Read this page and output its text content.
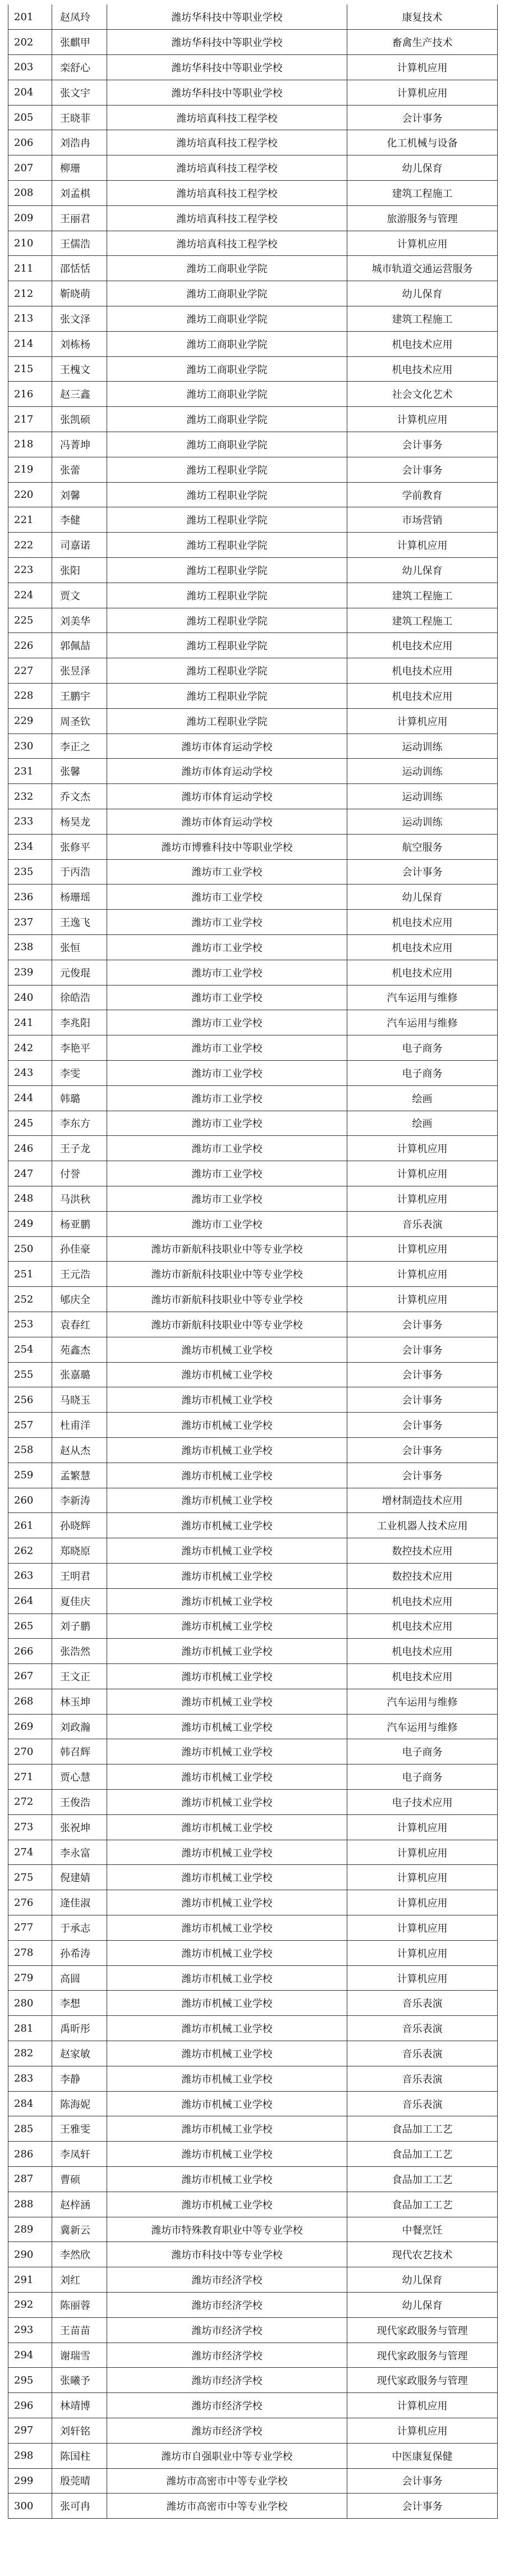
201	赵凤玲	潍坊华科技中等职业学校	康复技术
202	张麒甲	潍坊华科技中等职业学校	畜禽生产技术
203	栾舒心	潍坊华科技中等职业学校	计算机应用
204	张文宇	潍坊华科技中等职业学校	计算机应用
205	王晓菲	潍坊培真科技工程学校	会计事务
206	刘浩冉	潍坊培真科技工程学校	化工机械与设备
207	柳珊	潍坊培真科技工程学校	幼儿保育
208	刘孟棋	潍坊培真科技工程学校	建筑工程施工
209	王丽君	潍坊培真科技工程学校	旅游服务与管理
210	王儒浩	潍坊培真科技工程学校	计算机应用
211	邵恬恬	潍坊工商职业学院	城市轨道交通运营服务
212	靳晓萌	潍坊工商职业学院	幼儿保育
213	张文泽	潍坊工商职业学院	建筑工程施工
214	刘栋杨	潍坊工商职业学院	机电技术应用
215	王槐文	潍坊工商职业学院	机电技术应用
216	赵三鑫	潍坊工商职业学院	社会文化艺术
217	张凯硕	潍坊工商职业学院	计算机应用
218	冯菁坤	潍坊工商职业学院	会计事务
219	张蕾	潍坊工程职业学院	会计事务
220	刘馨	潍坊工程职业学院	学前教育
221	李健	潍坊工程职业学院	市场营销
222	司嘉诺	潍坊工程职业学院	计算机应用
223	张阳	潍坊工程职业学院	幼儿保育
224	贾文	潍坊工程职业学院	建筑工程施工
225	刘美华	潍坊工程职业学院	建筑工程施工
226	郭佩喆	潍坊工程职业学院	机电技术应用
227	张昱泽	潍坊工程职业学院	机电技术应用
228	王鹏宇	潍坊工程职业学院	机电技术应用
229	周圣钦	潍坊工程职业学院	计算机应用
230	李正之	潍坊市体育运动学校	运动训练
231	张馨	潍坊市体育运动学校	运动训练
232	乔文杰	潍坊市体育运动学校	运动训练
233	杨昊龙	潍坊市体育运动学校	运动训练
234	张修平	潍坊市博雅科技中等职业学校	航空服务
235	于丙浩	潍坊市工业学校	会计事务
236	杨珊瑶	潍坊市工业学校	幼儿保育
237	王逸飞	潍坊市工业学校	机电技术应用
238	张恒	潍坊市工业学校	机电技术应用
239	元俊琨	潍坊市工业学校	机电技术应用
240	徐皓浩	潍坊市工业学校	汽车运用与维修
241	李兆阳	潍坊市工业学校	汽车运用与维修
242	李艳平	潍坊市工业学校	电子商务
243	李雯	潍坊市工业学校	电子商务
244	韩璐	潍坊市工业学校	绘画
245	李东方	潍坊市工业学校	绘画
246	王子龙	潍坊市工业学校	计算机应用
247	付誉	潍坊市工业学校	计算机应用
248	马洪秋	潍坊市工业学校	计算机应用
249	杨亚鹏	潍坊市工业学校	音乐表演
250	孙佳豪	潍坊市新航科技职业中等专业学校	计算机应用
251	王元浩	潍坊市新航科技职业中等专业学校	计算机应用
252	郇庆全	潍坊市新航科技职业中等专业学校	计算机应用
253	袁春红	潍坊市新航科技职业中等专业学校	会计事务
254	苑鑫杰	潍坊市机械工业学校	会计事务
255	张嘉璐	潍坊市机械工业学校	会计事务
256	马晓玉	潍坊市机械工业学校	会计事务
257	杜甫洋	潍坊市机械工业学校	会计事务
258	赵从杰	潍坊市机械工业学校	会计事务
259	孟繁慧	潍坊市机械工业学校	会计事务
260	李新涛	潍坊市机械工业学校	增材制造技术应用
261	孙晓辉	潍坊市机械工业学校	工业机器人技术应用
262	郑晓原	潍坊市机械工业学校	数控技术应用
263	王明君	潍坊市机械工业学校	数控技术应用
264	夏佳庆	潍坊市机械工业学校	机电技术应用
265	刘子鹏	潍坊市机械工业学校	机电技术应用
266	张浩然	潍坊市机械工业学校	机电技术应用
267	王文正	潍坊市机械工业学校	机电技术应用
268	林玉坤	潍坊市机械工业学校	汽车运用与维修
269	刘政瀚	潍坊市机械工业学校	汽车运用与维修
270	韩召辉	潍坊市机械工业学校	电子商务
271	贾心慧	潍坊市机械工业学校	电子商务
272	王俊浩	潍坊市机械工业学校	电子技术应用
273	张祝坤	潍坊市机械工业学校	计算机应用
274	李永富	潍坊市机械工业学校	计算机应用
275	倪建婧	潍坊市机械工业学校	计算机应用
276	逄佳淑	潍坊市机械工业学校	计算机应用
277	于承志	潍坊市机械工业学校	计算机应用
278	孙希涛	潍坊市机械工业学校	计算机应用
279	高圆	潍坊市机械工业学校	计算机应用
280	李想	潍坊市机械工业学校	音乐表演
281	禹昕彤	潍坊市机械工业学校	音乐表演
282	赵家敏	潍坊市机械工业学校	音乐表演
283	李静	潍坊市机械工业学校	音乐表演
284	陈海妮	潍坊市机械工业学校	音乐表演
285	王雅雯	潍坊市机械工业学校	食品加工工艺
286	李凤轩	潍坊市机械工业学校	食品加工工艺
287	曹硕	潍坊市机械工业学校	食品加工工艺
288	赵梓涵	潍坊市机械工业学校	食品加工工艺
289	冀新云	潍坊市特殊教育职业中等专业学校	中餐烹饪
290	李然欣	潍坊市科技中等专业学校	现代农艺技术
291	刘红	潍坊市经济学校	幼儿保育
292	陈丽蓉	潍坊市经济学校	幼儿保育
293	王苗苗	潍坊市经济学校	现代家政服务与管理
294	谢瑞雪	潍坊市经济学校	现代家政服务与管理
295	张曦予	潍坊市经济学校	现代家政服务与管理
296	林靖博	潍坊市经济学校	计算机应用
297	刘轩铭	潍坊市经济学校	计算机应用
298	陈国柱	潍坊市自强职业中等专业学校	中医康复保健
299	殷莞晴	潍坊市高密市中等专业学校	会计事务
300	张可冉	潍坊市高密市中等专业学校	会计事务
